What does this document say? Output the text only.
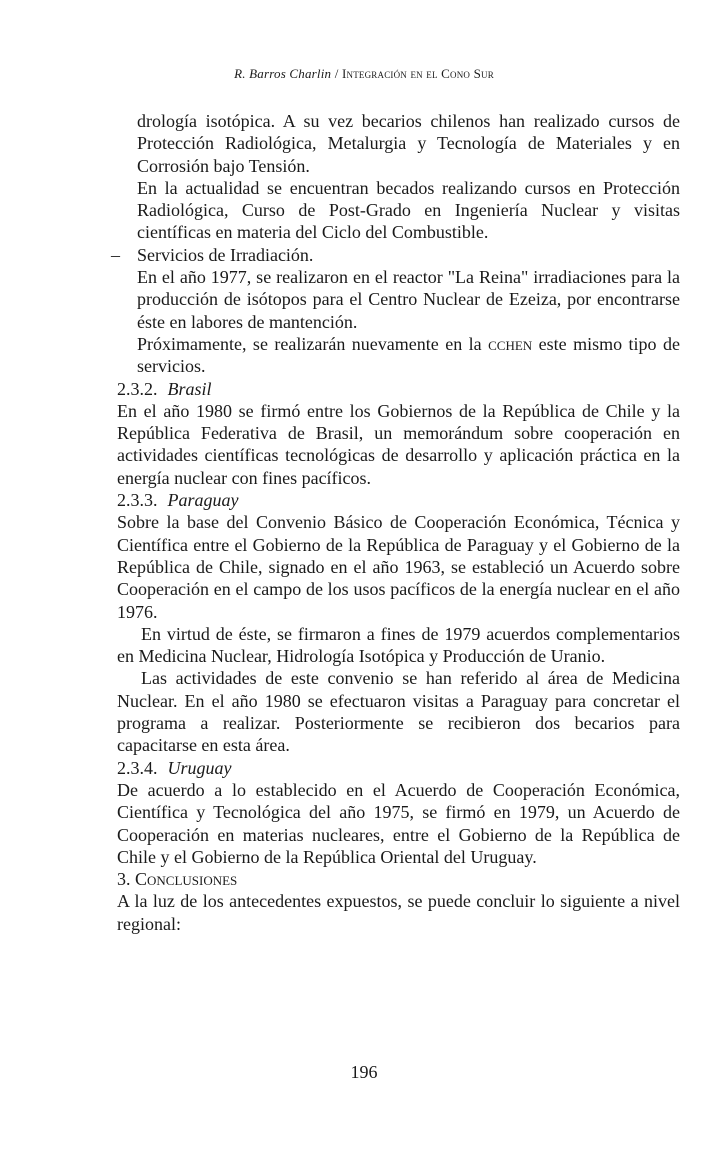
R. Barros Charlin / Integración en el Cono Sur

drología isotópica. A su vez becarios chilenos han realizado cursos de Protección Radiológica, Metalurgia y Tecnología de Materiales y en Corrosión bajo Tensión.

En la actualidad se encuentran becados realizando cursos en Protección Radiológica, Curso de Post-Grado en Ingeniería Nuclear y visitas científicas en materia del Ciclo del Combustible.

– Servicios de Irradiación.

En el año 1977, se realizaron en el reactor "La Reina" irradiaciones para la producción de isótopos para el Centro Nuclear de Ezeiza, por encontrarse éste en labores de mantención.

Próximamente, se realizarán nuevamente en la cchen este mismo tipo de servicios.

2.3.2. Brasil

En el año 1980 se firmó entre los Gobiernos de la República de Chile y la República Federativa de Brasil, un memorándum sobre cooperación en actividades científicas tecnológicas de desarrollo y aplicación práctica en la energía nuclear con fines pacíficos.

2.3.3. Paraguay

Sobre la base del Convenio Básico de Cooperación Económica, Técnica y Científica entre el Gobierno de la República de Paraguay y el Gobierno de la República de Chile, signado en el año 1963, se estableció un Acuerdo sobre Cooperación en el campo de los usos pacíficos de la energía nuclear en el año 1976.

En virtud de éste, se firmaron a fines de 1979 acuerdos complementarios en Medicina Nuclear, Hidrología Isotópica y Producción de Uranio.

Las actividades de este convenio se han referido al área de Medicina Nuclear. En el año 1980 se efectuaron visitas a Paraguay para concretar el programa a realizar. Posteriormente se recibieron dos becarios para capacitarse en esta área.

2.3.4. Uruguay

De acuerdo a lo establecido en el Acuerdo de Cooperación Económica, Científica y Tecnológica del año 1975, se firmó en 1979, un Acuerdo de Cooperación en materias nucleares, entre el Gobierno de la República de Chile y el Gobierno de la República Oriental del Uruguay.

3. Conclusiones

A la luz de los antecedentes expuestos, se puede concluir lo siguiente a nivel regional:

196
